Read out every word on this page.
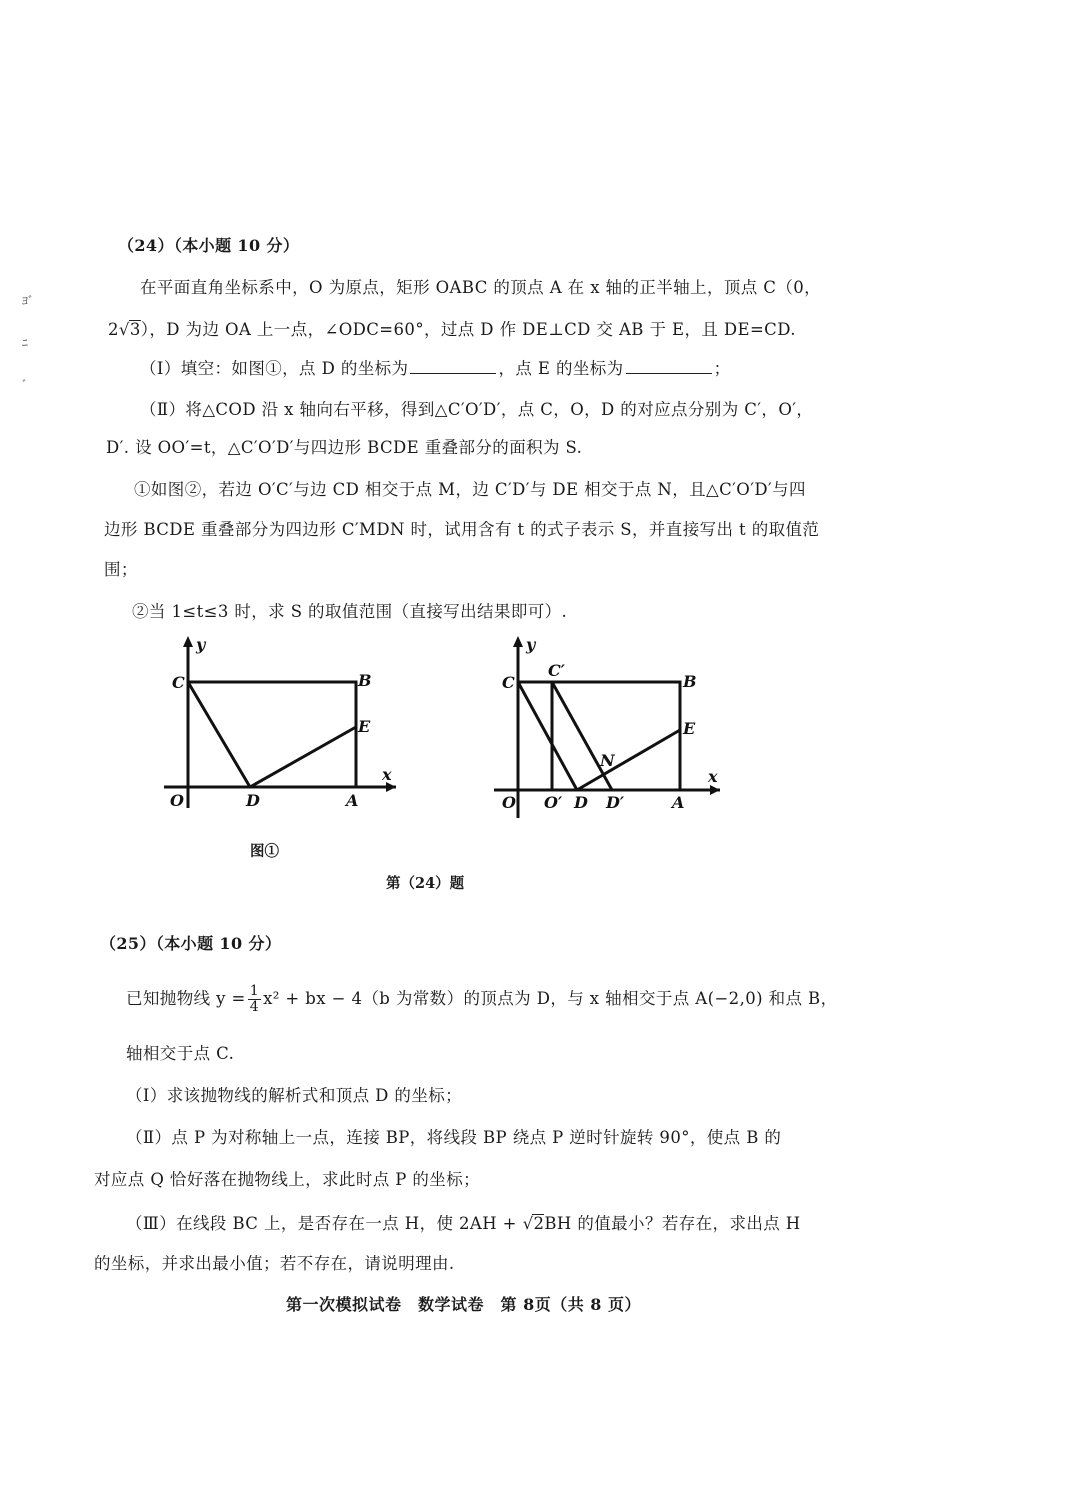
ﾖﾞ
ﾆ
ﾞ
（24）（本小题 10 分）
在平面直角坐标系中，O 为原点，矩形 OABC 的顶点 A 在 x 轴的正半轴上，顶点 C（0，
2√3），D 为边 OA 上一点，∠ODC=60°，过点 D 作 DE⊥CD 交 AB 于 E，且 DE=CD.
（Ⅰ）填空：如图①，点 D 的坐标为	，点 E 的坐标为	；
（Ⅱ）将△COD 沿 x 轴向右平移，得到△C′O′D′，点 C，O，D 的对应点分别为 C′，O′，
D′. 设 OO′=t，△C′O′D′与四边形 BCDE 重叠部分的面积为 S.
①如图②，若边 O′C′与边 CD 相交于点 M，边 C′D′与 DE 相交于点 N，且△C′O′D′与四
边形 BCDE 重叠部分为四边形 C′MDN 时，试用含有 t 的式子表示 S，并直接写出 t 的取值范
围；
②当 1≤t≤3 时，求 S 的取值范围（直接写出结果即可）.
x
y
O	D	A
B
C
E
图①
x
y
O O′ D D′	A
B
C
C′
E
N
第（24）题
（25）（本小题 10 分）
已知抛物线 $y = \frac{1}{4} x^2$ + bx − 4（b 为常数）的顶点为 D，与 x 轴相交于点 A(−2,0) 和点 B，
轴相交于点 C.
（Ⅰ）求该抛物线的解析式和顶点 D 的坐标；
（Ⅱ）点 P 为对称轴上一点，连接 BP，将线段 BP 绕点 P 逆时针旋转 90°，使点 B 的
对应点 Q 恰好落在抛物线上，求此时点 P 的坐标；
（Ⅲ）在线段 BC 上，是否存在一点 H，使 2AH + √2BH 的值最小？若存在，求出点 H
的坐标，并求出最小值；若不存在，请说明理由.
第一次模拟试卷　数学试卷　第 8页（共 8 页）
